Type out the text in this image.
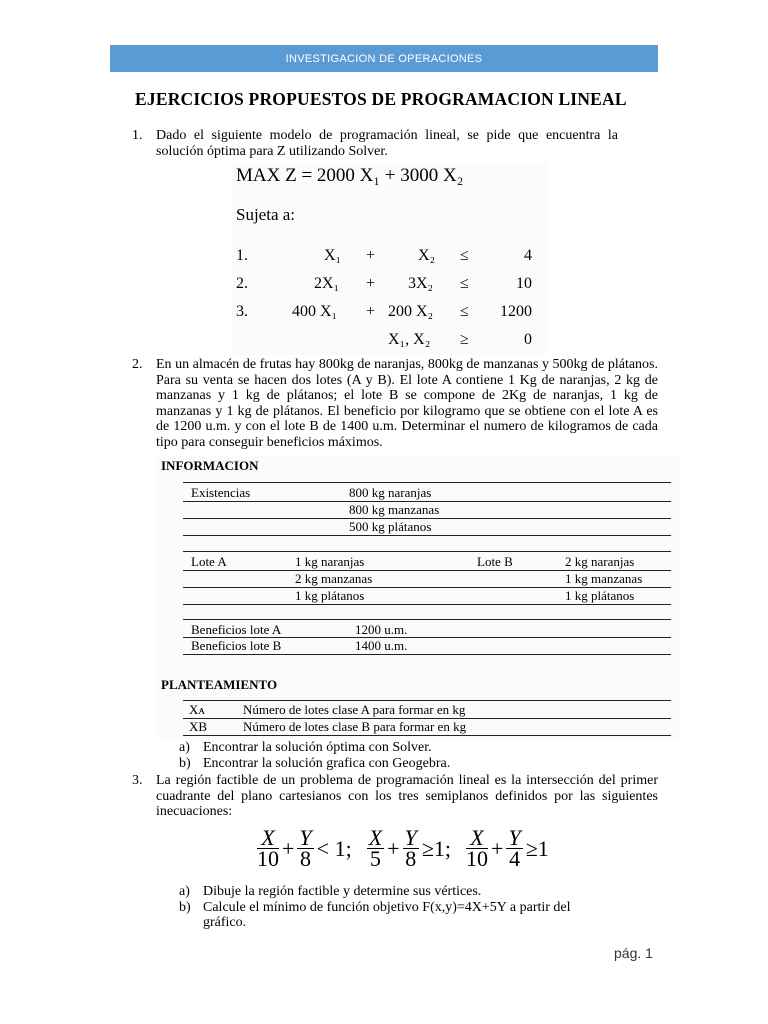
INVESTIGACION DE OPERACIONES
EJERCICIOS PROPUESTOS DE PROGRAMACION LINEAL
1. Dado el siguiente modelo de programación lineal, se pide que encuentra la solución óptima para Z utilizando Solver.
MAX Z = 2000 X₁ + 3000 X₂
Sujeta a:
1.	X₁ +	X₂ ≤	4
2.	2X₁ + 3X₂ ≤	10
3.	400 X₁ + 200 X₂ ≤ 1200
X₁, X₂ ≥	0
2. En un almacén de frutas hay 800kg de naranjas, 800kg de manzanas y 500kg de plátanos. Para su venta se hacen dos lotes (A y B). El lote A contiene 1 Kg de naranjas, 2 kg de manzanas y 1 kg de plátanos; el lote B se compone de 2Kg de naranjas, 1 kg de manzanas y 1 kg de plátanos. El beneficio por kilogramo que se obtiene con el lote A es de 1200 u.m. y con el lote B de 1400 u.m. Determinar el numero de kilogramos de cada tipo para conseguir beneficios máximos.
INFORMACION
Existencias	800 kg naranjas
800 kg manzanas
500 kg plátanos
Lote A	1 kg naranjas	Lote B	2 kg naranjas
2 kg manzanas	1 kg manzanas
1 kg plátanos	1 kg plátanos
Beneficios lote A	1200 u.m.
Beneficios lote B	1400 u.m.
PLANTEAMIENTO
Xᴀ	Número de lotes clase A para formar en kg
XB	Número de lotes clase B para formar en kg
a) Encontrar la solución óptima con Solver.
b) Encontrar la solución grafica con Geogebra.
3. La región factible de un problema de programación lineal es la intersección del primer cuadrante del plano cartesianos con los tres semiplanos definidos por las siguientes inecuaciones:
$\frac{X}{10} + \frac{Y}{8} < 1$; $\frac{X}{5} + \frac{Y}{8} \ge 1$; $\frac{X}{10} + \frac{Y}{4} \ge 1$
a) Dibuje la región factible y determine sus vértices.
b) Calcule el mínimo de función objetivo F(x,y)=4X+5Y a partir del
gráfico.
pág. 1
